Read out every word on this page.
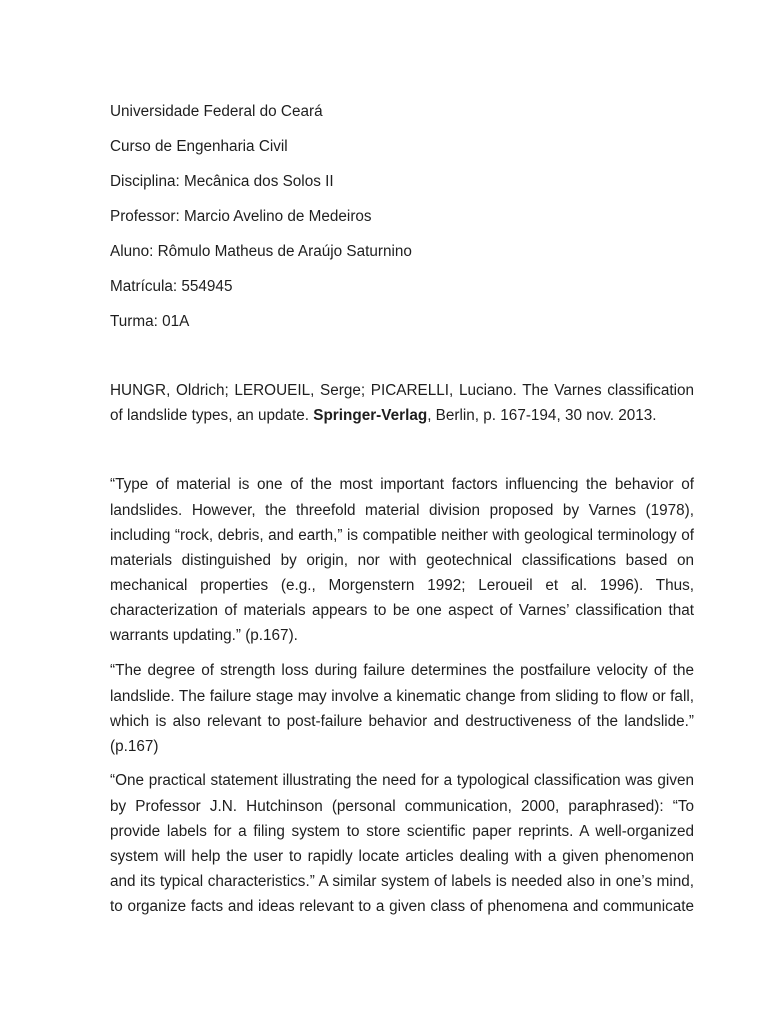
Universidade Federal do Ceará
Curso de Engenharia Civil
Disciplina: Mecânica dos Solos II
Professor: Marcio Avelino de Medeiros
Aluno: Rômulo Matheus de Araújo Saturnino
Matrícula: 554945
Turma: 01A
HUNGR, Oldrich; LEROUEIL, Serge; PICARELLI, Luciano. The Varnes classification
of landslide types, an update. Springer-Verlag, Berlin, p. 167-194, 30 nov. 2013.
“Type of material is one of the most important factors influencing the behavior of
landslides. However, the threefold material division proposed by Varnes (1978),
including “rock, debris, and earth,” is compatible neither with geological terminology of
materials distinguished by origin, nor with geotechnical classifications based on
mechanical properties (e.g., Morgenstern 1992; Leroueil et al. 1996). Thus,
characterization of materials appears to be one aspect of Varnes’ classification that
warrants updating.” (p.167).
“The degree of strength loss during failure determines the postfailure velocity of the
landslide. The failure stage may involve a kinematic change from sliding to flow or fall,
which is also relevant to post-failure behavior and destructiveness of the landslide.”
(p.167)
“One practical statement illustrating the need for a typological classification was given
by Professor J.N. Hutchinson (personal communication, 2000, paraphrased): “To
provide labels for a filing system to store scientific paper reprints. A well-organized
system will help the user to rapidly locate articles dealing with a given phenomenon
and its typical characteristics.” A similar system of labels is needed also in one’s mind,
to organize facts and ideas relevant to a given class of phenomena and communicate
